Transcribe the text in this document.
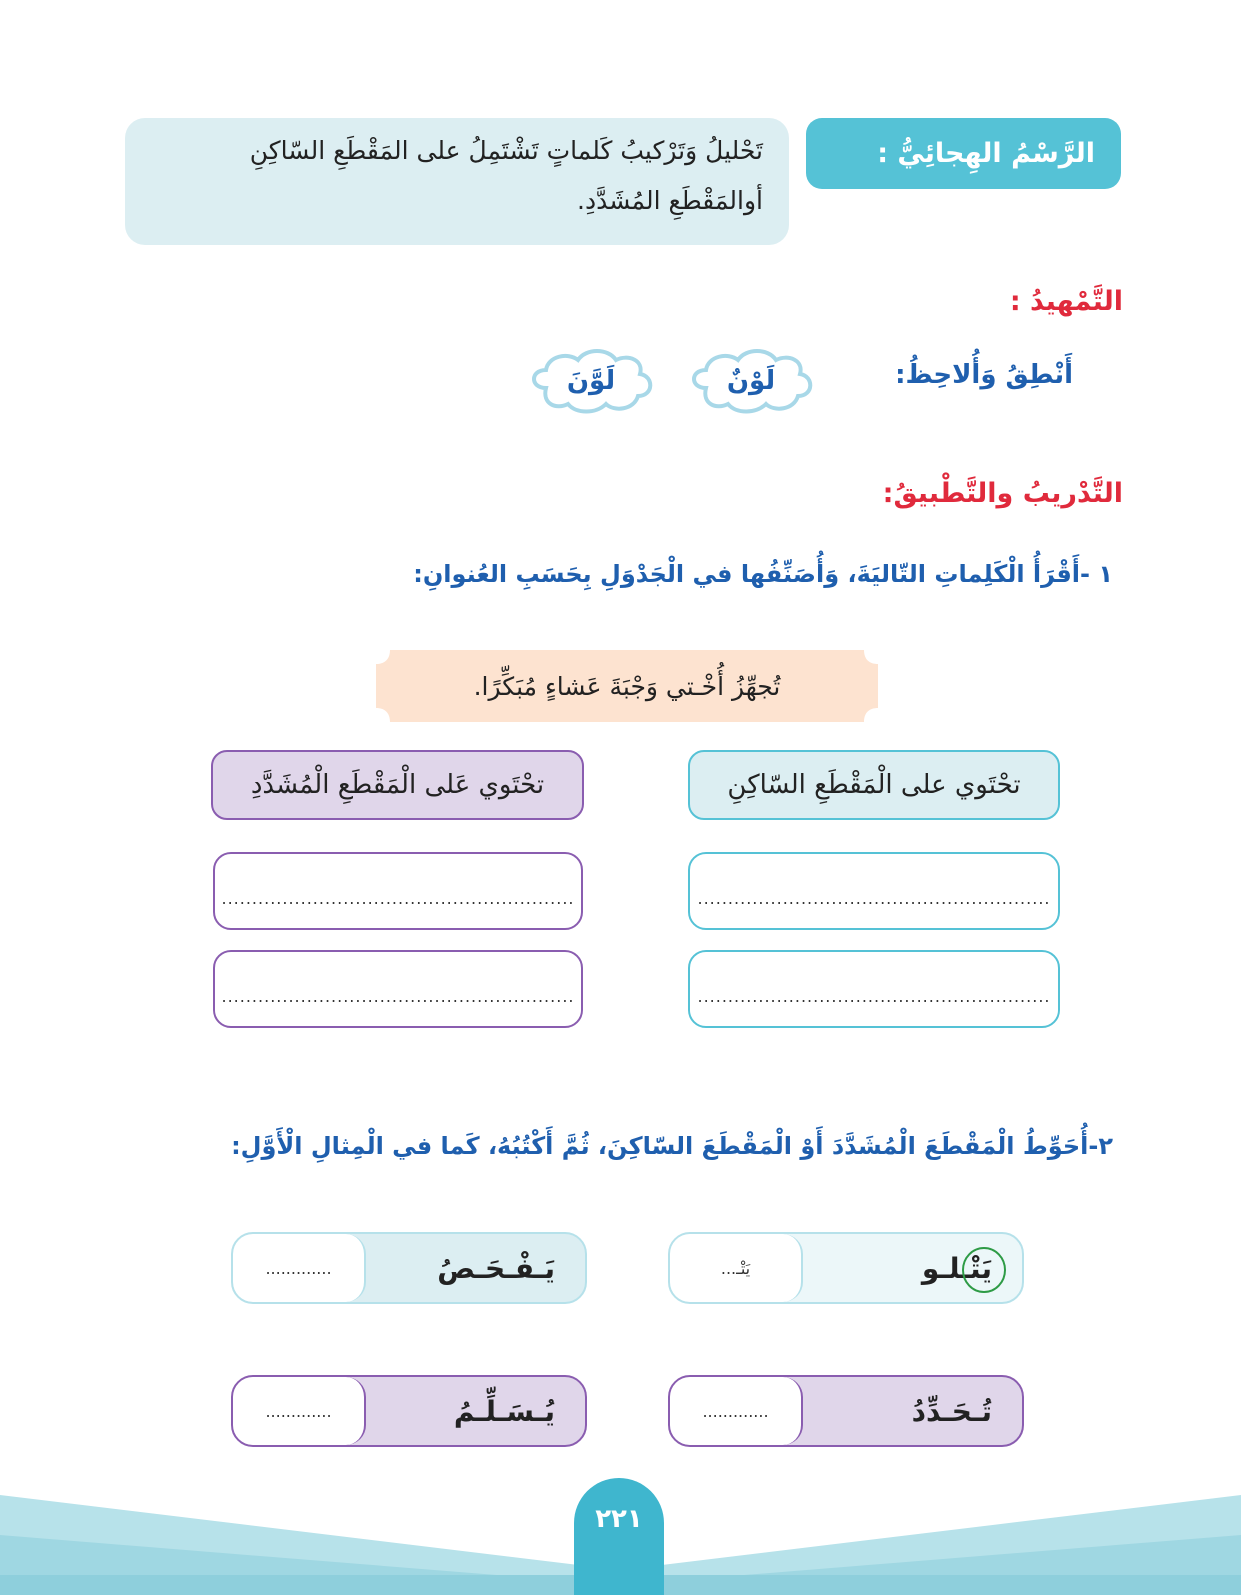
الرَّسْمُ الهِجائِيُّ :
تَحْليلُ وَتَرْكيبُ كَلماتٍ تَشْتَمِلُ على المَقْطَعِ السّاكِنِ
أوالمَقْطَعِ المُشَدَّدِ.
التَّمْهيدُ :
أَنْطِقُ وَأُلاحِظُ:
لَوْنٌ
لَوَّنَ
التَّدْريبُ والتَّطْبيقُ:
١ -أَقْرَأُ الْكَلِماتِ التّاليَةَ، وَأُصَنِّفُها في الْجَدْوَلِ بِحَسَبِ العُنوانِ:
تُجهِّزُ أُخْـتي وَجْبَةَ عَشاءٍ مُبَكِّرًا.
تحْتَوي على الْمَقْطَعِ السّاكِنِ
تحْتَوي عَلى الْمَقْطَعِ الْمُشَدَّدِ
..........................................................
..........................................................
..........................................................
..........................................................
٢-أُحَوِّطُ الْمَقْطَعَ الْمُشَدَّدَ أَوْ الْمَقْطَعَ السّاكِنَ، ثُمَّ أَكْتُبُهُ، كَما في الْمِثالِ الْأَوَّلِ:
...يَتْـ	يَتْـلـو
.............	يَـفْـحَـصُ
.............	تُـحَـدِّدُ
.............	يُـسَـلِّـمُ
٢٢١
